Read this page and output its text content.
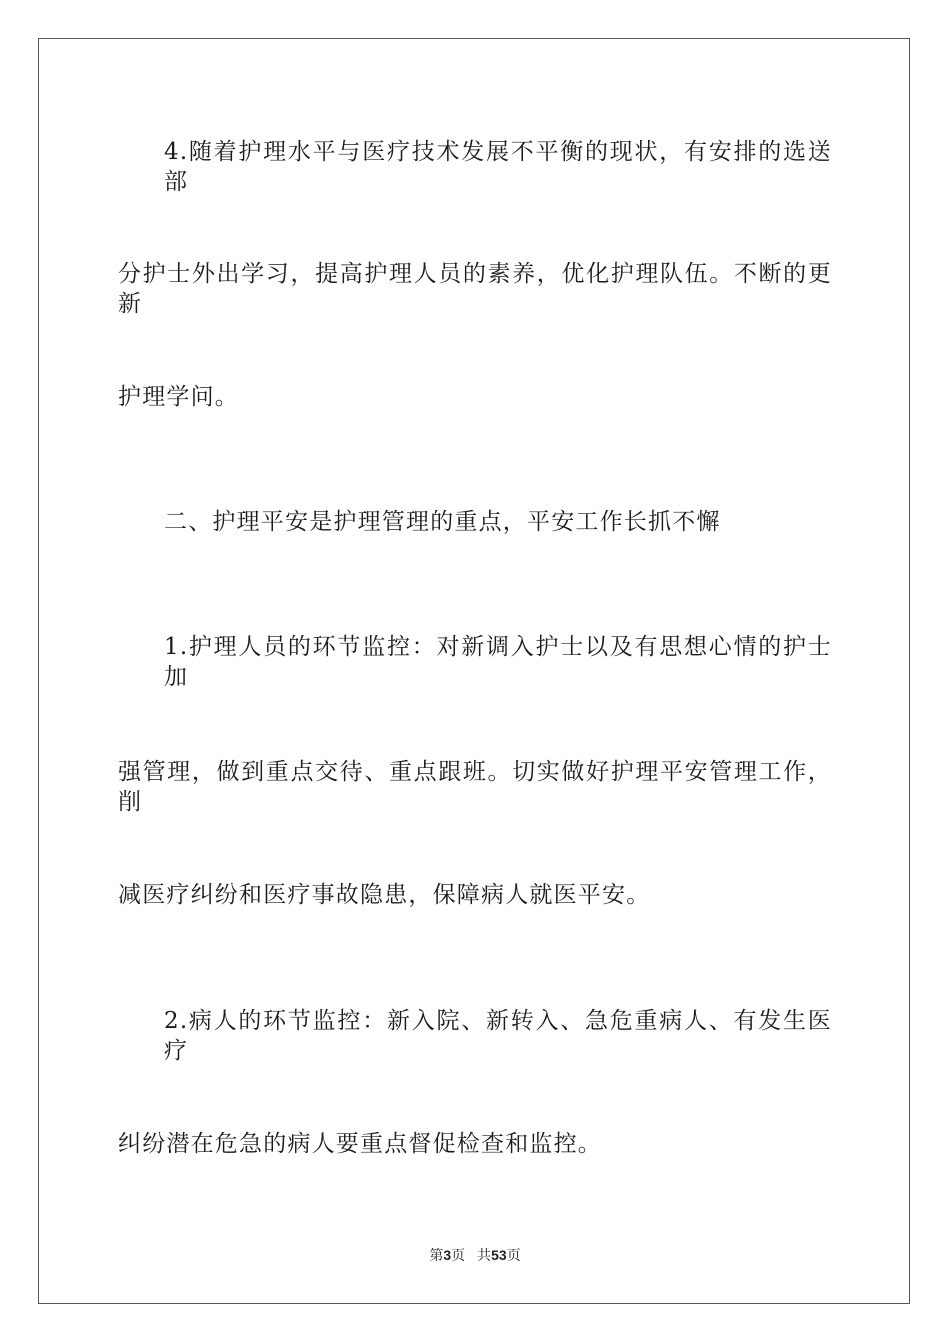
4.随着护理水平与医疗技术发展不平衡的现状，有安排的选送部
分护士外出学习，提高护理人员的素养，优化护理队伍。不断的更新
护理学问。
二、护理平安是护理管理的重点，平安工作长抓不懈
1.护理人员的环节监控：对新调入护士以及有思想心情的护士加
强管理，做到重点交待、重点跟班。切实做好护理平安管理工作，削
减医疗纠纷和医疗事故隐患，保障病人就医平安。
2.病人的环节监控：新入院、新转入、急危重病人、有发生医疗
纠纷潜在危急的病人要重点督促检查和监控。
第3页 共53页
